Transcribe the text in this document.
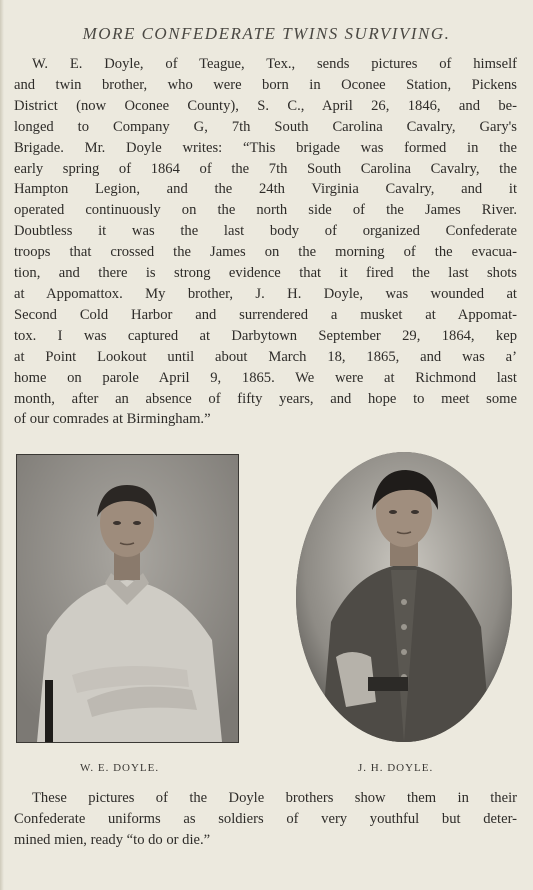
MORE CONFEDERATE TWINS SURVIVING.

W. E. Doyle, of Teague, Tex., sends pictures of himself
and twin brother, who were born in Oconee Station, Pickens
District (now Oconee County), S. C., April 26, 1846, and be-
longed to Company G, 7th South Carolina Cavalry, Gary's
Brigade. Mr. Doyle writes: “This brigade was formed in the
early spring of 1864 of the 7th South Carolina Cavalry, the
Hampton Legion, and the 24th Virginia Cavalry, and it
operated continuously on the north side of the James River.
Doubtless it was the last body of organized Confederate
troops that crossed the James on the morning of the evacua-
tion, and there is strong evidence that it fired the last shots
at Appomattox. My brother, J. H. Doyle, was wounded at
Second Cold Harbor and surrendered a musket at Appomat-
tox. I was captured at Darbytown September 29, 1864, kep
at Point Lookout until about March 18, 1865, and was a’
home on parole April 9, 1865. We were at Richmond last
month, after an absence of fifty years, and hope to meet some
of our comrades at Birmingham.”

W. E. DOYLE.	J. H. DOYLE.

These pictures of the Doyle brothers show them in their
Confederate uniforms as soldiers of very youthful but deter-
mined mien, ready “to do or die.”
